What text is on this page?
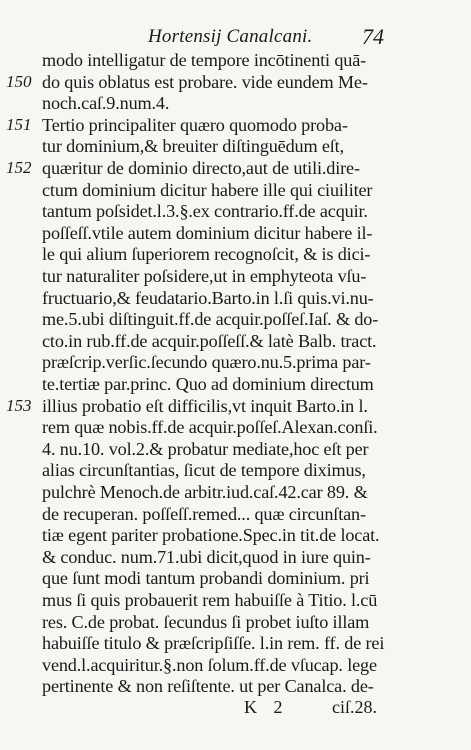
Hortensij Canalcani. 74
modo intelligatur de tempore incōtinenti quā-
150 do quis oblatus est probare. vide eundem Me-
noch.caſ.9.num.4.
151 Tertio principaliter quæro quomodo proba-
tur dominium,& breuiter diſtinguēdum eſt,
152 quæritur de dominio directo,aut de utili.dire-
ctum dominium dicitur habere ille qui ciuiliter
tantum poſsidet.l.3.§.ex contrario.ff.de acquir.
poſſeſſ.vtile autem dominium dicitur habere il-
le qui alium ſuperiorem recognoſcit, & is dici-
tur naturaliter poſsidere,ut in emphyteota vſu-
fructuario,& feudatario.Barto.in l.ſi quis.vi.nu-
me.5.ubi diſtinguit.ff.de acquir.poſſeſ.Iaſ. & do-
cto.in rub.ff.de acquir.poſſeſſ.& latè Balb. tract.
præſcrip.verſic.ſecundo quæro.nu.5.prima par-
te.tertiæ par.princ. Quo ad dominium directum
153 illius probatio eſt difficilis,vt inquit Barto.in l.
rem quæ nobis.ff.de acquir.poſſeſ.Alexan.conſi.
4. nu.10. vol.2.& probatur mediate,hoc eſt per
alias circunſtantias, ſicut de tempore diximus,
pulchrè Menoch.de arbitr.iud.caſ.42.car 89. &
de recuperan. poſſeſſ.remed... quæ circunſtan-
tiæ egent pariter probatione.Spec.in tit.de locat.
& conduc. num.71.ubi dicit,quod in iure quin-
que ſunt modi tantum probandi dominium. pri
mus ſi quis probauerit rem habuiſſe à Titio. l.cū
res. C.de probat. ſecundus ſi probet iuſto illam
habuiſſe titulo & præſcripſiſſe. l.in rem. ff. de rei
vend.l.acquiritur.§.non ſolum.ff.de vſucap. lege
pertinente & non reſiſtente. ut per Canalca. de-
K 2 ciſ.28.
